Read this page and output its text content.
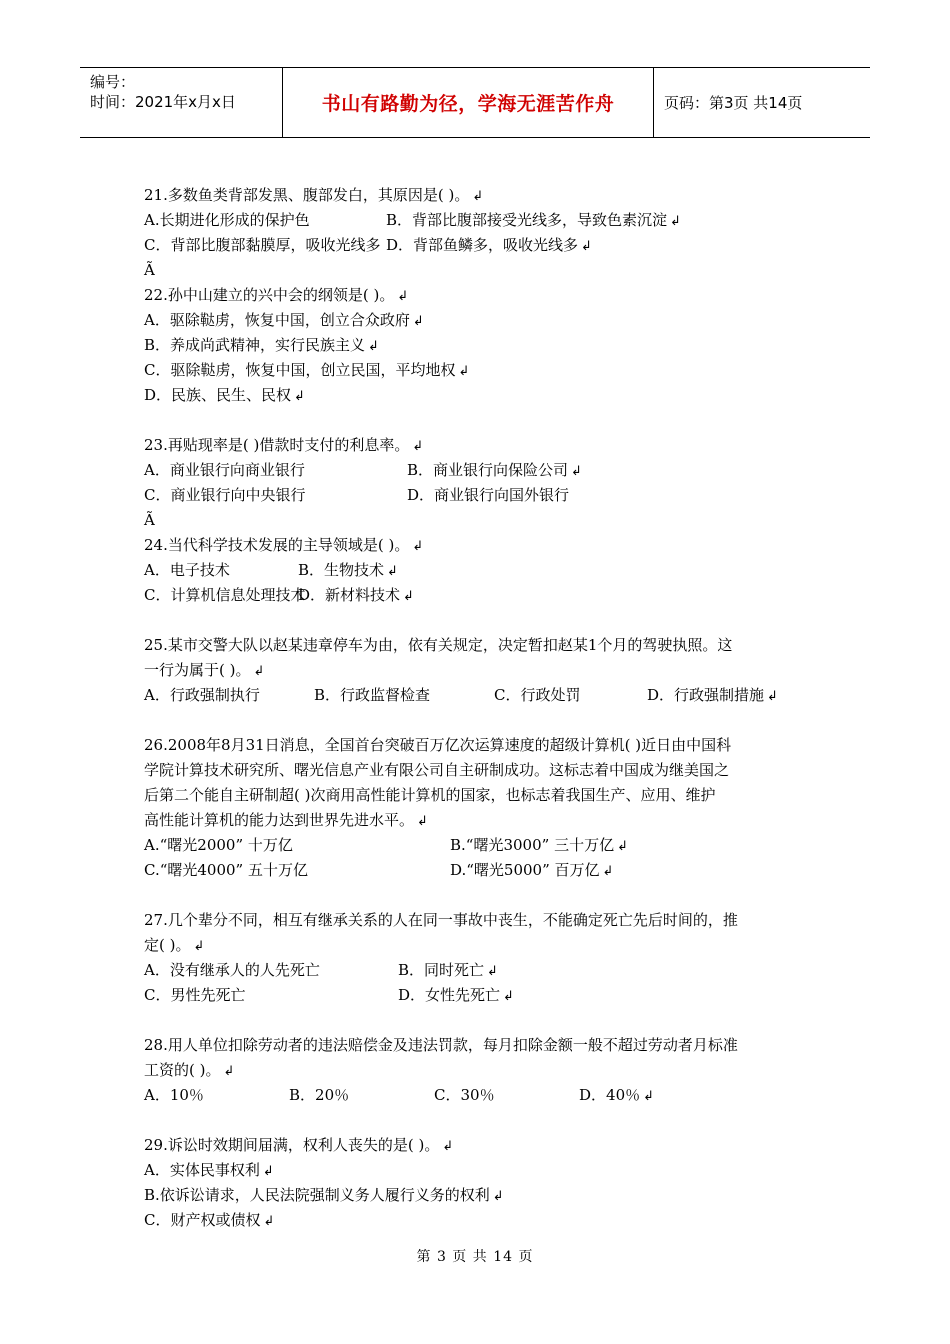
编号：
时间：2021年x月x日	书山有路勤为径，学海无涯苦作舟	页码：第3页 共14页
21.多数鱼类背部发黑、腹部发白，其原因是( )。 ↲
A.长期进化形成的保护色	B．背部比腹部接受光线多，导致色素沉淀 ↲
C．背部比腹部黏膜厚，吸收光线多 D．背部鱼鳞多，吸收光线多 ↲
Ã
22.孙中山建立的兴中会的纲领是( )。 ↲
A．驱除鞑虏，恢复中国，创立合众政府 ↲
B．养成尚武精神，实行民族主义 ↲
C．驱除鞑虏，恢复中国，创立民国，平均地权 ↲
D．民族、民生、民权 ↲
23.再贴现率是( )借款时支付的利息率。 ↲
A．商业银行向商业银行	B．商业银行向保险公司 ↲
C．商业银行向中央银行	D．商业银行向国外银行
Ã
24.当代科学技术发展的主导领域是( )。 ↲
A．电子技术	B．生物技术 ↲
C．计算机信息处理技术D．新材料技术 ↲
25.某市交警大队以赵某违章停车为由，依有关规定，决定暂扣赵某1个月的驾驶执照。这
一行为属于( )。 ↲
A．行政强制执行	B．行政监督检查	C．行政处罚	D．行政强制措施 ↲
26.2008年8月31日消息，全国首台突破百万亿次运算速度的超级计算机( )近日由中国科
学院计算技术研究所、曙光信息产业有限公司自主研制成功。这标志着中国成为继美国之
后第二个能自主研制超( )次商用高性能计算机的国家，也标志着我国生产、应用、维护
高性能计算机的能力达到世界先进水平。 ↲
A.“曙光2000” 十万亿	B.“曙光3000” 三十万亿↲
C.“曙光4000” 五十万亿	D.“曙光5000” 百万亿 ↲
27.几个辈分不同，相互有继承关系的人在同一事故中丧生，不能确定死亡先后时间的，推
定( )。 ↲
A．没有继承人的人先死亡	B．同时死亡 ↲
C．男性先死亡	D．女性先死亡 ↲
28.用人单位扣除劳动者的违法赔偿金及违法罚款，每月扣除金额一般不超过劳动者月标准
工资的( )。 ↲
A．10％	B．20％	C．30％	D．40％ ↲
29.诉讼时效期间届满，权利人丧失的是( )。 ↲
A．实体民事权利 ↲
B.依诉讼请求，人民法院强制义务人履行义务的权利 ↲
C．财产权或债权 ↲
第 3 页 共 14 页
